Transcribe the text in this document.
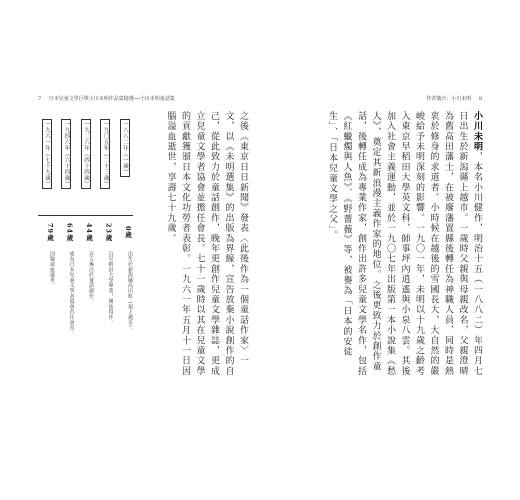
7 日本兒童文學巨擘小川未明作品集精選──小川未明童話集

之後《東京日日新聞》發表〈此後作為一個童話作家〉一文，以《未明選集》的出版為界線，宣告放棄小說創作的自己，從此致力於童話創作，晚年更創作兒童文學雜誌，更成立兒童文學者協會並擔任會長。七十一歲時以其在兒童文學的貢獻獲頒日本文化功勞者表彰。一九六一年五月十一日因腦溢血逝世，享壽七十九歲。

一八八二年（一歲）
一九〇五年（二十三歲）
一九二六年（四十四歲）
一九四六年（六十四歲）
一九六一年（七十九歲）
0歲
23歲
44歲
64歲
79歲
出生於新潟縣高田町（現上越市）。
自早稻田大學畢業，開始寫作。
宣言專注於童話創作。
成為日本兒童文學者協會首任會長。
因腦溢血逝世。
作者簡介：小川未明 8

小川未明，本名小川健作，明治十五（一八八二）年四月七日出生於新潟縣上越市。一歲時父親與母親改名，父親澄晴為舊高田藩士，在被廢藩置縣後轉任為神職人員，同時是熱衷於修身的求道者。小時候在越後的雪國長大，大自然的嚴峻給予未明深刻的影響。一九〇一年，未明以十九歲之齡考入東京早稻田大學英文科，師事坪內逍遙與小泉八雲。其後加入社會主義運動，並於一九〇七年出版第一本小說集《愁人》，奠定其新浪漫主義作家的地位。之後更致力於創作童話，後轉任成為專業作家，創作出許多兒童文學名作，包括《紅蠟燭與人魚》、《野薔薇》等，被譽為「日本的安徒生」、「日本兒童文學之父」。
